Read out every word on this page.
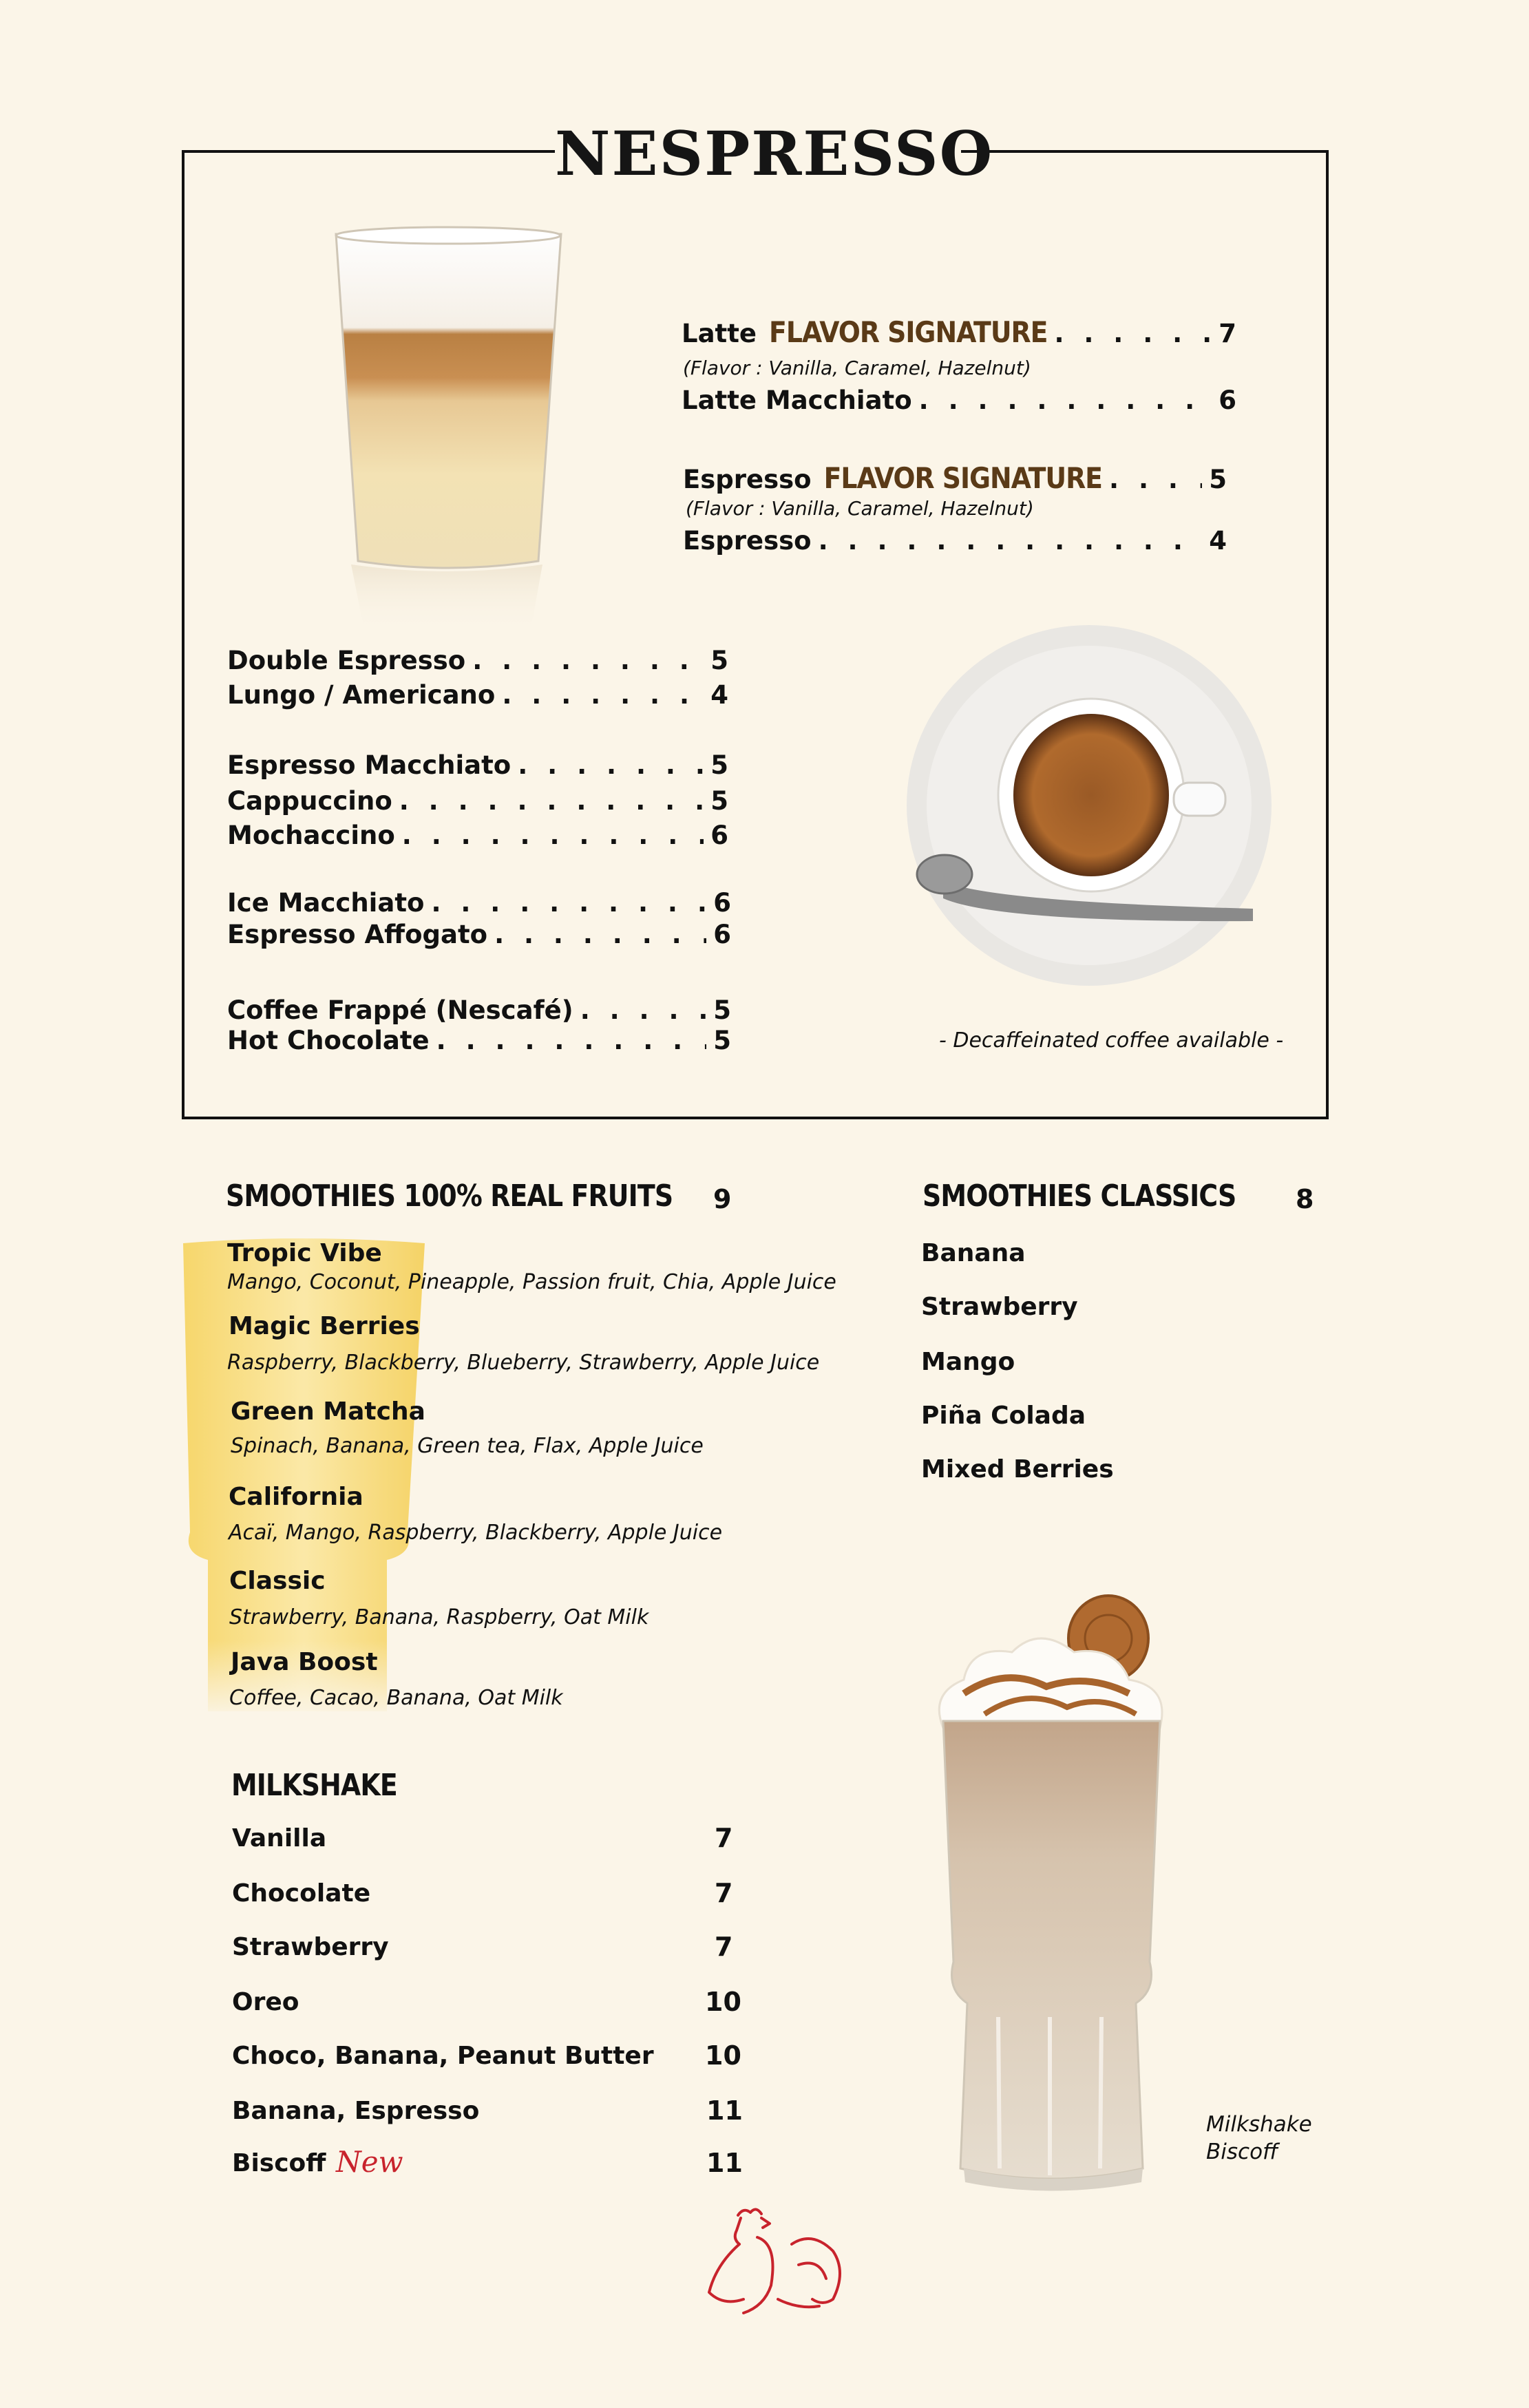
NESPRESSO
Latte FLAVOR SIGNATURE . . .	7
(Flavor : Vanilla, Caramel, Hazelnut)
Latte Macchiato . . .	6
Espresso FLAVOR SIGNATURE . . .	5
(Flavor : Vanilla, Caramel, Hazelnut)
Espresso . . .	4
Double Espresso . . .	5
Lungo / Americano . . .	4
Espresso Macchiato . . .	5
Cappuccino . . .	5
Mochaccino . . .	6
Ice Macchiato . . .	6
Espresso Affogato . . .	6
Coffee Frappé (Nescafé) . . .	5
Hot Chocolate . . .	5	- Decaffeinated coffee available -
SMOOTHIES 100% REAL FRUITS 9
Tropic Vibe
Mango, Coconut, Pineapple, Passion fruit, Chia, Apple Juice
Magic Berries
Raspberry, Blackberry, Blueberry, Strawberry, Apple Juice
Green Matcha
Spinach, Banana, Green tea, Flax, Apple Juice
California
Acaï, Mango, Raspberry, Blackberry, Apple Juice
Classic
Strawberry, Banana, Raspberry, Oat Milk
Java Boost
Coffee, Cacao, Banana, Oat Milk
SMOOTHIES CLASSICS 8
Banana
Strawberry
Mango
Piña Colada
Mixed Berries
MILKSHAKE
Vanilla	7
Chocolate	7
Strawberry	7
Oreo	10
Choco, Banana, Peanut Butter 10
Banana, Espresso	11
Biscoff New	11
Milkshake
Biscoff
